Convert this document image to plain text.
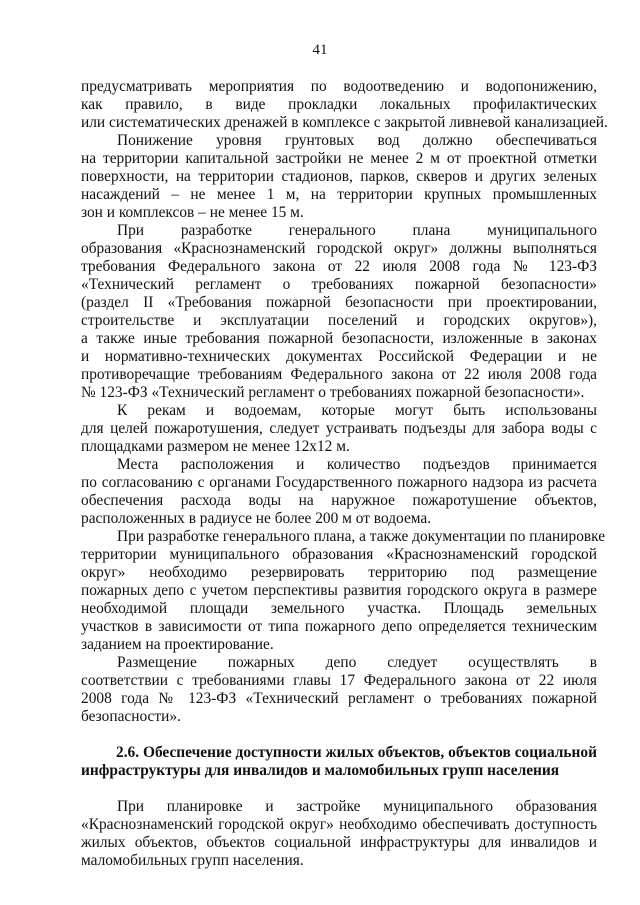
41
предусматривать мероприятия по водоотведению и водопонижению,
как правило, в виде прокладки локальных профилактических
или систематических дренажей в комплексе с закрытой ливневой канализацией.
Понижение уровня грунтовых вод должно обеспечиваться
на территории капитальной застройки не менее 2 м от проектной отметки
поверхности, на территории стадионов, парков, скверов и других зеленых
насаждений – не менее 1 м, на территории крупных промышленных
зон и комплексов – не менее 15 м.
При разработке генерального плана муниципального
образования «Краснознаменский городской округ» должны выполняться
требования Федерального закона от 22 июля 2008 года № 123-ФЗ
«Технический регламент о требованиях пожарной безопасности»
(раздел II «Требования пожарной безопасности при проектировании,
строительстве и эксплуатации поселений и городских округов»),
а также иные требования пожарной безопасности, изложенные в законах
и нормативно-технических документах Российской Федерации и не
противоречащие требованиям Федерального закона от 22 июля 2008 года
№ 123-ФЗ «Технический регламент о требованиях пожарной безопасности».
К рекам и водоемам, которые могут быть использованы
для целей пожаротушения, следует устраивать подъезды для забора воды с
площадками размером не менее 12х12 м.
Места расположения и количество подъездов принимается
по согласованию с органами Государственного пожарного надзора из расчета
обеспечения расхода воды на наружное пожаротушение объектов,
расположенных в радиусе не более 200 м от водоема.
При разработке генерального плана, а также документации по планировке
территории муниципального образования «Краснознаменский городской
округ» необходимо резервировать территорию под размещение
пожарных депо с учетом перспективы развития городского округа в размере
необходимой площади земельного участка. Площадь земельных
участков в зависимости от типа пожарного депо определяется техническим
заданием на проектирование.
Размещение пожарных депо следует осуществлять в
соответствии с требованиями главы 17 Федерального закона от 22 июля
2008 года № 123-ФЗ «Технический регламент о требованиях пожарной
безопасности».
2.6. Обеспечение доступности жилых объектов, объектов социальной
инфраструктуры для инвалидов и маломобильных групп населения
При планировке и застройке муниципального образования
«Краснознаменский городской округ» необходимо обеспечивать доступность
жилых объектов, объектов социальной инфраструктуры для инвалидов и
маломобильных групп населения.
